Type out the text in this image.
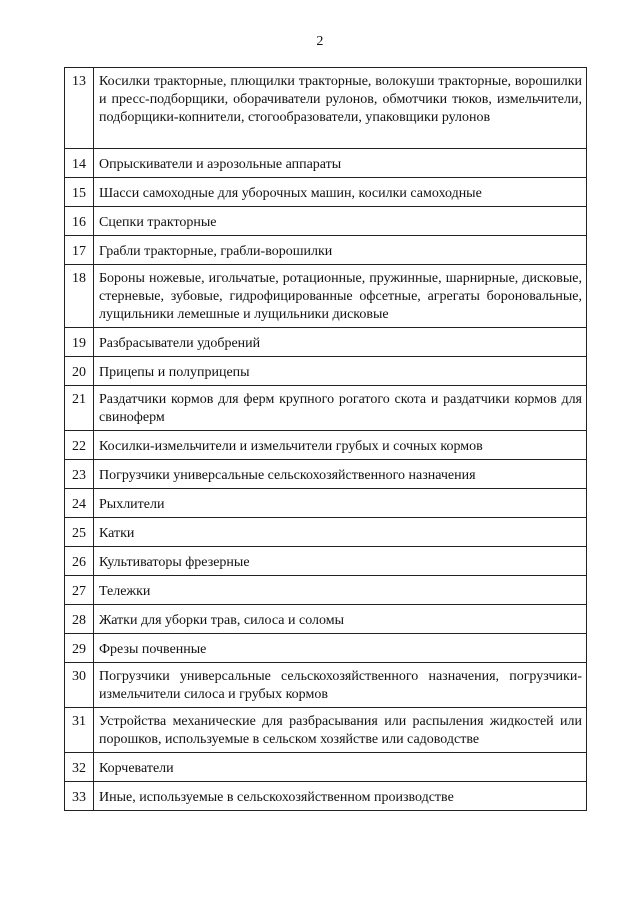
2
13	Косилки тракторные, плющилки тракторные, волокуши тракторные, ворошилки и пресс-подборщики, оборачиватели рулонов, обмотчики тюков, измельчители, подборщики-копнители, стогообразователи, упаковщики рулонов
14	Опрыскиватели и аэрозольные аппараты
15	Шасси самоходные для уборочных машин, косилки самоходные
16	Сцепки тракторные
17	Грабли тракторные, грабли-ворошилки
18	Бороны ножевые, игольчатые, ротационные, пружинные, шарнирные, дисковые, стерневые, зубовые, гидрофицированные офсетные, агрегаты бороновальные, лущильники лемешные и лущильники дисковые
19	Разбрасыватели удобрений
20	Прицепы и полуприцепы
21	Раздатчики кормов для ферм крупного рогатого скота и раздатчики кормов для свиноферм
22	Косилки-измельчители и измельчители грубых и сочных кормов
23	Погрузчики универсальные сельскохозяйственного назначения
24	Рыхлители
25	Катки
26	Культиваторы фрезерные
27	Тележки
28	Жатки для уборки трав, силоса и соломы
29	Фрезы почвенные
30	Погрузчики универсальные сельскохозяйственного назначения, погрузчики-измельчители силоса и грубых кормов
31	Устройства механические для разбрасывания или распыления жидкостей или порошков, используемые в сельском хозяйстве или садоводстве
32	Корчеватели
33	Иные, используемые в сельскохозяйственном производстве
